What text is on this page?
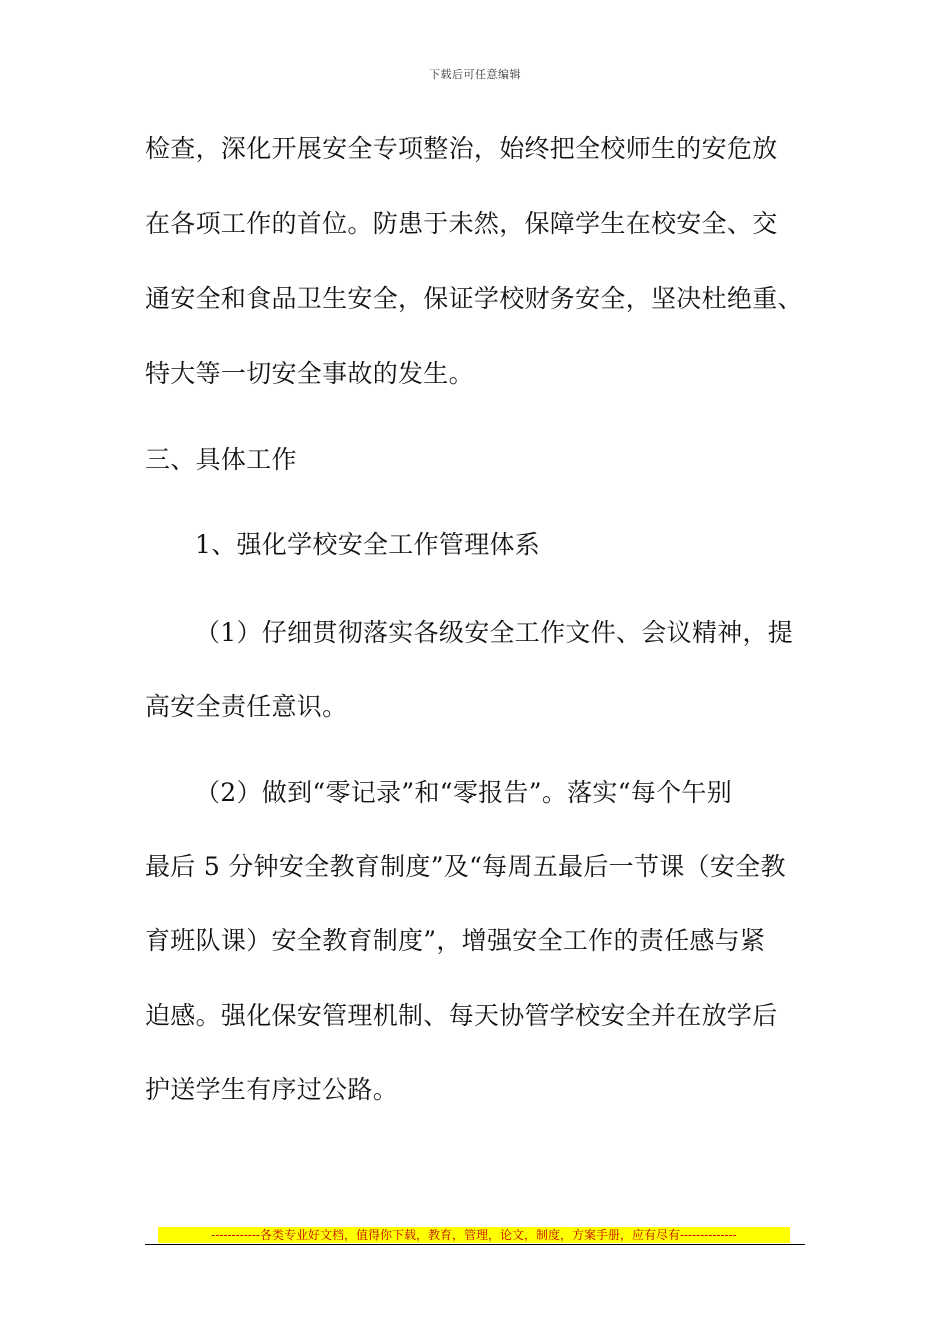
下载后可任意编辑
检查，深化开展安全专项整治，始终把全校师生的安危放
在各项工作的首位。防患于未然，保障学生在校安全、交
通安全和食品卫生安全，保证学校财务安全，坚决杜绝重、
特大等一切安全事故的发生。
三、具体工作
1、强化学校安全工作管理体系
（1）仔细贯彻落实各级安全工作文件、会议精神，提
高安全责任意识。
（2）做到“零记录”和“零报告”。落实“每个午别
最后 5 分钟安全教育制度”及“每周五最后一节课（安全教
育班队课）安全教育制度”，增强安全工作的责任感与紧
迫感。强化保安管理机制、每天协管学校安全并在放学后
护送学生有序过公路。
------------各类专业好文档，值得你下载，教育，管理，论文，制度，方案手册，应有尽有--------------
